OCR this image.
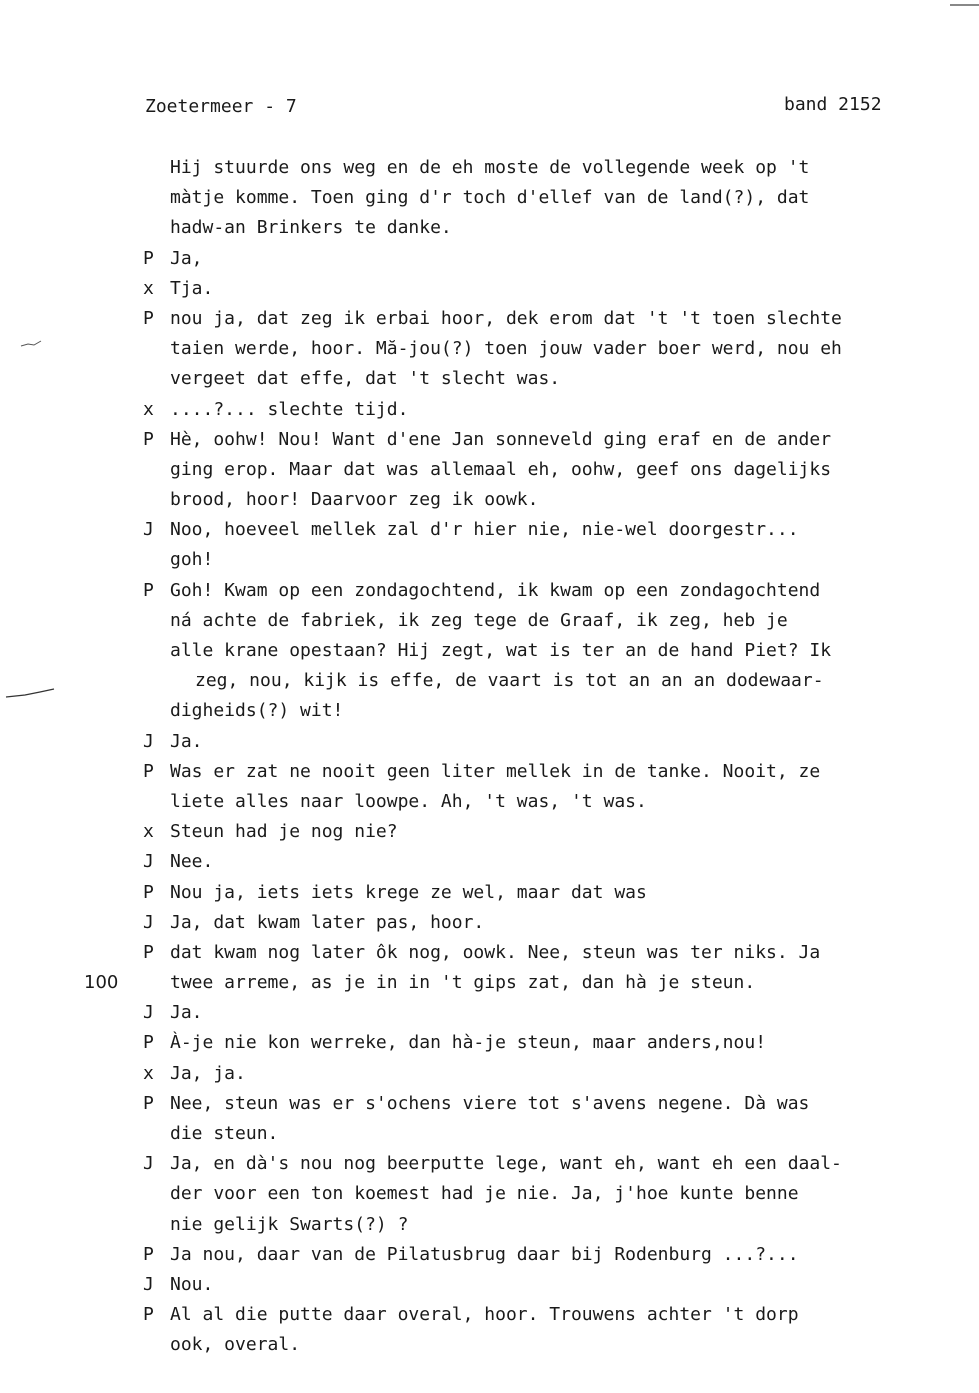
Zoetermeer - 7	band 2152
Hij stuurde ons weg en de eh moste de vollegende week op 't
màtje komme. Toen ging d'r toch d'ellef van de land(?), dat
hadw-an Brinkers te danke.
P Ja,
x Tja.
P nou ja, dat zeg ik erbai hoor, dek erom dat 't 't toen slechte
taien werde, hoor. Mă-jou(?) toen jouw vader boer werd, nou eh
vergeet dat effe, dat 't slecht was.
x ....?... slechte tijd.
P Hè, oohw! Nou! Want d'ene Jan sonneveld ging eraf en de ander
ging erop. Maar dat was allemaal eh, oohw, geef ons dagelijks
brood, hoor! Daarvoor zeg ik oowk.
J Noo, hoeveel mellek zal d'r hier nie, nie-wel doorgestr...
goh!
P Goh! Kwam op een zondagochtend, ik kwam op een zondagochtend
ná achte de fabriek, ik zeg tege de Graaf, ik zeg, heb je
alle krane opestaan? Hij zegt, wat is ter an de hand Piet? Ik
zeg, nou, kijk is effe, de vaart is tot an an an dodewaar-
digheids(?) wit!
J Ja.
P Was er zat ne nooit geen liter mellek in de tanke. Nooit, ze
liete alles naar loowpe. Ah, 't was, 't was.
x Steun had je nog nie?
J Nee.
P Nou ja, iets iets krege ze wel, maar dat was
J Ja, dat kwam later pas, hoor.
P dat kwam nog later ôk nog, oowk. Nee, steun was ter niks. Ja
100	twee arreme, as je in in 't gips zat, dan hà je steun.
J Ja.
P À-je nie kon werreke, dan hà-je steun, maar anders,nou!
x Ja, ja.
P Nee, steun was er s'ochens viere tot s'avens negene. Dà was
die steun.
J Ja, en dà's nou nog beerputte lege, want eh, want eh een daal-
der voor een ton koemest had je nie. Ja, j'hoe kunte benne
nie gelijk Swarts(?) ?
P Ja nou, daar van de Pilatusbrug daar bij Rodenburg ...?...
J Nou.
P Al al die putte daar overal, hoor. Trouwens achter 't dorp
ook, overal.
